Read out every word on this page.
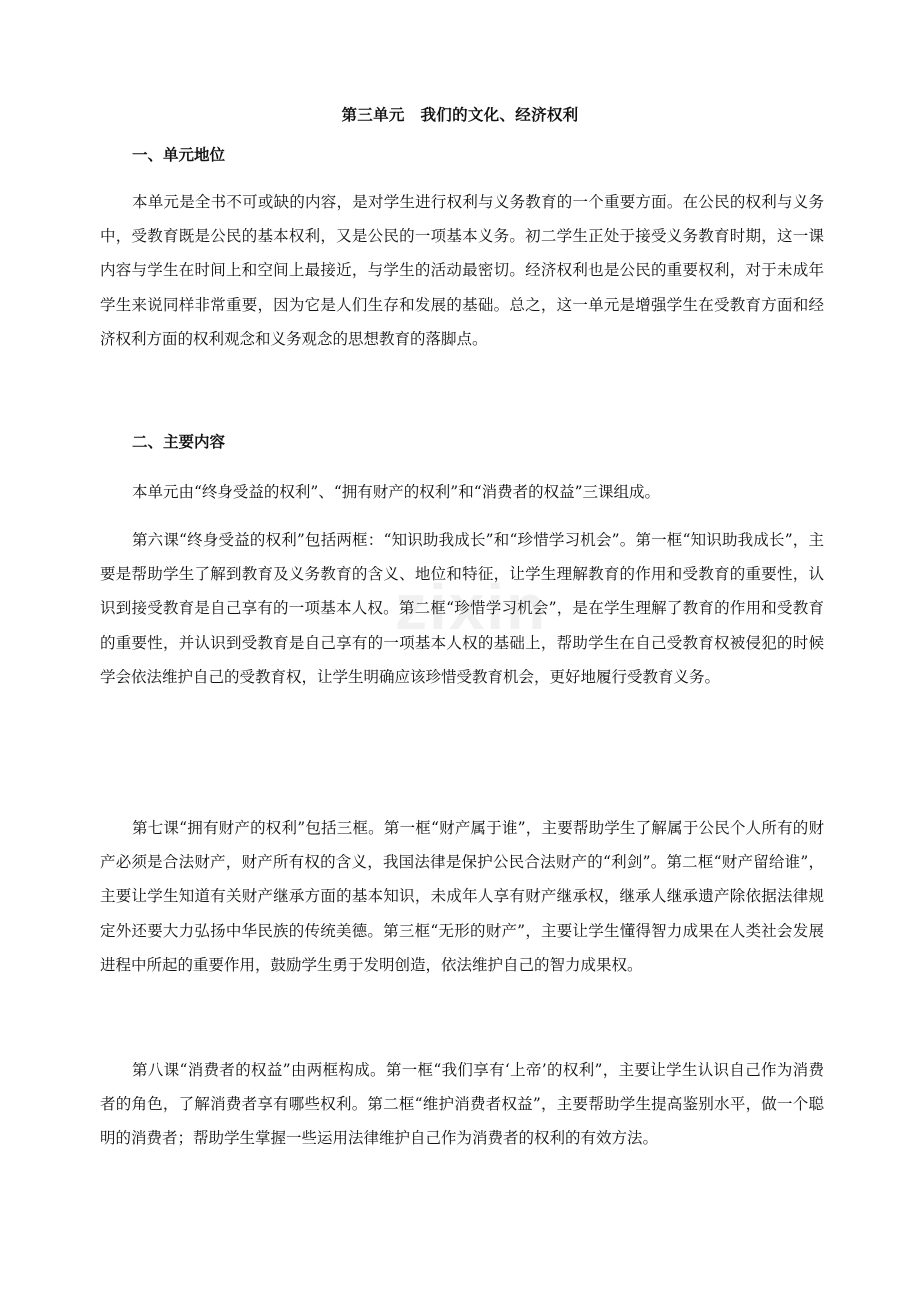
zixin
第三单元　我们的文化、经济权利
一、单元地位

本单元是全书不可或缺的内容，是对学生进行权利与义务教育的一个重要方面。在公民的权利与义务中，受教育既是公民的基本权利，又是公民的一项基本义务。初二学生正处于接受义务教育时期，这一课内容与学生在时间上和空间上最接近，与学生的活动最密切。经济权利也是公民的重要权利，对于未成年学生来说同样非常重要，因为它是人们生存和发展的基础。总之，这一单元是增强学生在受教育方面和经济权利方面的权利观念和义务观念的思想教育的落脚点。

二、主要内容

本单元由“终身受益的权利”、“拥有财产的权利”和“消费者的权益”三课组成。

第六课“终身受益的权利”包括两框：“知识助我成长”和“珍惜学习机会”。第一框“知识助我成长”，主要是帮助学生了解到教育及义务教育的含义、地位和特征，让学生理解教育的作用和受教育的重要性，认识到接受教育是自己享有的一项基本人权。第二框“珍惜学习机会”，是在学生理解了教育的作用和受教育的重要性，并认识到受教育是自己享有的一项基本人权的基础上，帮助学生在自己受教育权被侵犯的时候学会依法维护自己的受教育权，让学生明确应该珍惜受教育机会，更好地履行受教育义务。

第七课“拥有财产的权利”包括三框。第一框“财产属于谁”，主要帮助学生了解属于公民个人所有的财产必须是合法财产，财产所有权的含义，我国法律是保护公民合法财产的“利剑”。第二框“财产留给谁”，主要让学生知道有关财产继承方面的基本知识，未成年人享有财产继承权，继承人继承遗产除依据法律规定外还要大力弘扬中华民族的传统美德。第三框“无形的财产”，主要让学生懂得智力成果在人类社会发展进程中所起的重要作用，鼓励学生勇于发明创造，依法维护自己的智力成果权。

第八课“消费者的权益”由两框构成。第一框“我们享有‘上帝’的权利”，主要让学生认识自己作为消费者的角色，了解消费者享有哪些权利。第二框“维护消费者权益”，主要帮助学生提高鉴别水平，做一个聪明的消费者；帮助学生掌握一些运用法律维护自己作为消费者的权利的有效方法。
